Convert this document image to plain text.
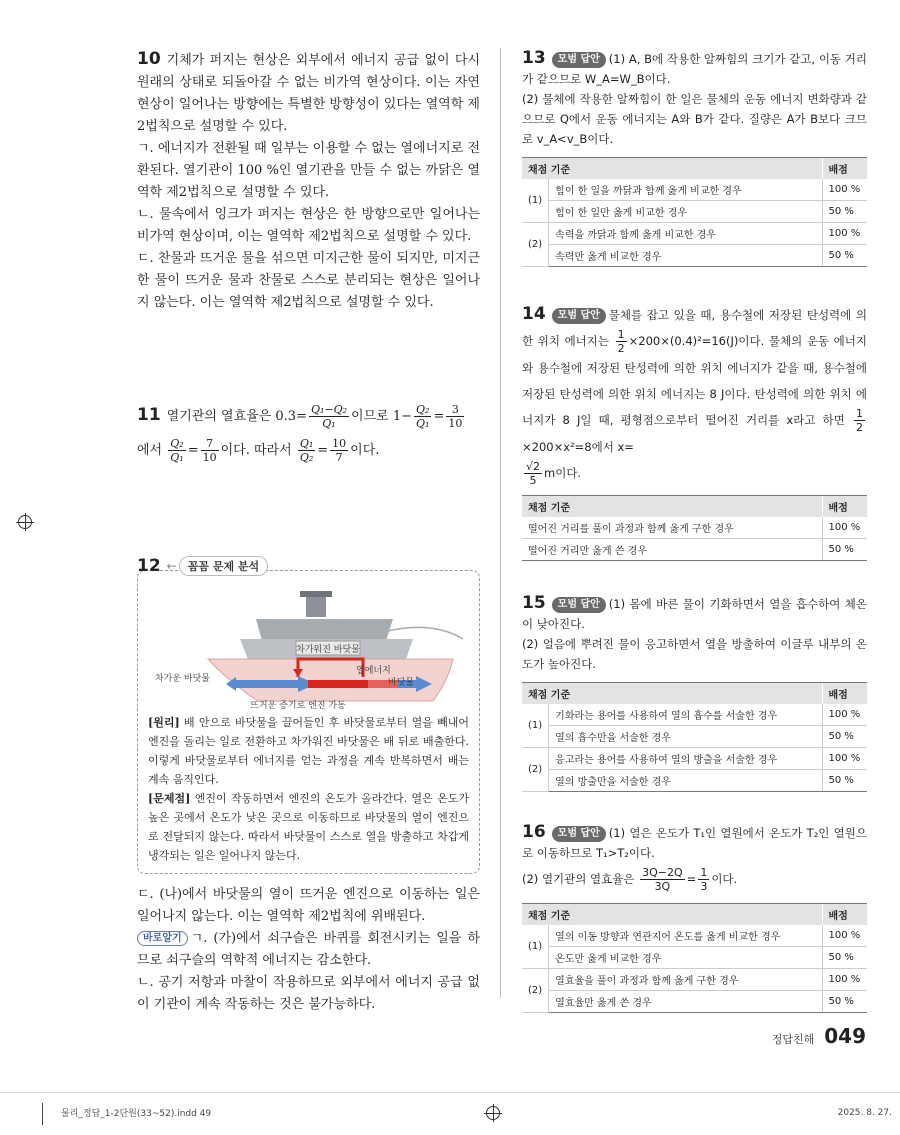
10 기체가 퍼지는 현상은 외부에서 에너지 공급 없이 다시 원래의 상태로 되돌아갈 수 없는 비가역 현상이다. 이는 자연 현상이 일어나는 방향에는 특별한 방향성이 있다는 열역학 제2법칙으로 설명할 수 있다.

ㄱ. 에너지가 전환될 때 일부는 이용할 수 없는 열에너지로 전환된다. 열기관이 100 %인 열기관을 만들 수 없는 까닭은 열역학 제2법칙으로 설명할 수 있다.

ㄴ. 물속에서 잉크가 퍼지는 현상은 한 방향으로만 일어나는 비가역 현상이며, 이는 열역학 제2법칙으로 설명할 수 있다.

ㄷ. 찬물과 뜨거운 물을 섞으면 미지근한 물이 되지만, 미지근한 물이 뜨거운 물과 찬물로 스스로 분리되는 현상은 일어나지 않는다. 이는 열역학 제2법칙으로 설명할 수 있다.

11 열기관의 열효율은 $0.3= \frac{\text{Q₁−Q₂}}{\text{Q₁}}$ 이므로 $1- \frac{\text{Q₂}}{\text{Q₁}} = \frac{3}{10}$

에서 $\frac{\text{Q₂}}{\text{Q₁}} = \frac{7}{10}$ 이다. 따라서 $\frac{\text{Q₁}}{\text{Q₂}} = \frac{10}{7}$ 이다.

12 ←	꼼꼼 문제 분석
차가워진 바닷물
열에너지
차가운 바닷물	바닷물
뜨거운 증기로 엔진 가동

[원리] 배 안으로 바닷물을 끌어들인 후 바닷물로부터 열을 빼내어 엔진을 돌리는 일로 전환하고 차가워진 바닷물은 배 뒤로 배출한다. 이렇게 바닷물로부터 에너지를 얻는 과정을 계속 반복하면서 배는 계속 움직인다.

[문제점] 엔진이 작동하면서 엔진의 온도가 올라간다. 열은 온도가 높은 곳에서 온도가 낮은 곳으로 이동하므로 바닷물의 열이 엔진으로 전달되지 않는다. 따라서 바닷물이 스스로 열을 방출하고 차갑게 냉각되는 일은 일어나지 않는다.

ㄷ. (나)에서 바닷물의 열이 뜨거운 엔진으로 이동하는 일은 일어나지 않는다. 이는 열역학 제2법칙에 위배된다.

바로알기 ㄱ. (가)에서 쇠구슬은 바퀴를 회전시키는 일을 하므로 쇠구슬의 역학적 에너지는 감소한다.

ㄴ. 공기 저항과 마찰이 작용하므로 외부에서 에너지 공급 없이 기관이 계속 작동하는 것은 불가능하다.

13 모범 답안 (1) A, B에 작용한 알짜힘의 크기가 같고, 이동 거리가 같으므로 W_A=W_B이다.

(2) 물체에 작용한 알짜힘이 한 일은 물체의 운동 에너지 변화량과 같으므로 Q에서 운동 에너지는 A와 B가 같다. 질량은 A가 B보다 크므로 v_A<v_B이다.

채점 기준		배점
(1)	힘이 한 일을 까닭과 함께 옳게 비교한 경우	100 %
	힘이 한 일만 옳게 비교한 경우	50 %
(2)	속력을 까닭과 함께 옳게 비교한 경우	100 %
	속력만 옳게 비교한 경우	50 %

14 모범 답안 물체를 잡고 있을 때, 용수철에 저장된 탄성력에 의한 위치 에너지는 $\frac{1}{2} \times 200\times(0.4)^2=16(J)$이다. 물체의 운동 에너지와 용수철에 저장된 탄성력에 의한 위치 에너지가 같을 때, 용수철에 저장된 탄성력에 의한 위치 에너지는 8 J이다. 탄성력에 의한 위치 에너지가 8 J일 때, 평형점으로부터 떨어진 거리를 x라고 하면 $\frac{1}{2}$
×200×x²=8에서 x=

$\frac{√2}{5}$ m이다.

채점 기준	배점
떨어진 거리를 풀이 과정과 함께 옳게 구한 경우	100 %
떨어진 거리만 옳게 쓴 경우	50 %

15 모범 답안 (1) 몸에 바른 물이 기화하면서 열을 흡수하여 체온이 낮아진다.

(2) 얼음에 뿌려진 물이 응고하면서 열을 방출하여 이글루 내부의 온도가 높아진다.

채점 기준		배점
(1)	기화라는 용어를 사용하여 열의 흡수를 서술한 경우	100 %
	열의 흡수만을 서술한 경우	50 %
(2)	응고라는 용어를 사용하여 열의 방출을 서술한 경우	100 %
	열의 방출만을 서술한 경우	50 %

16 모범 답안 (1) 열은 온도가 T₁인 열원에서 온도가 T₂인 열원으로 이동하므로 T₁>T₂이다.

(2) 열기관의 열효율은 $\frac{3Q-2Q}{3Q} = \frac{1}{3}$ 이다.

채점 기준		배점
(1)	열의 이동 방향과 연관지어 온도를 옳게 비교한 경우	100 %
	온도만 옳게 비교한 경우	50 %
(2)	열효율을 풀이 과정과 함께 옳게 구한 경우	100 %
	열효율만 옳게 쓴 경우	50 %
정답친해 049
물리_정답_1-2단원(33~52).indd 49	2025. 8. 27.
